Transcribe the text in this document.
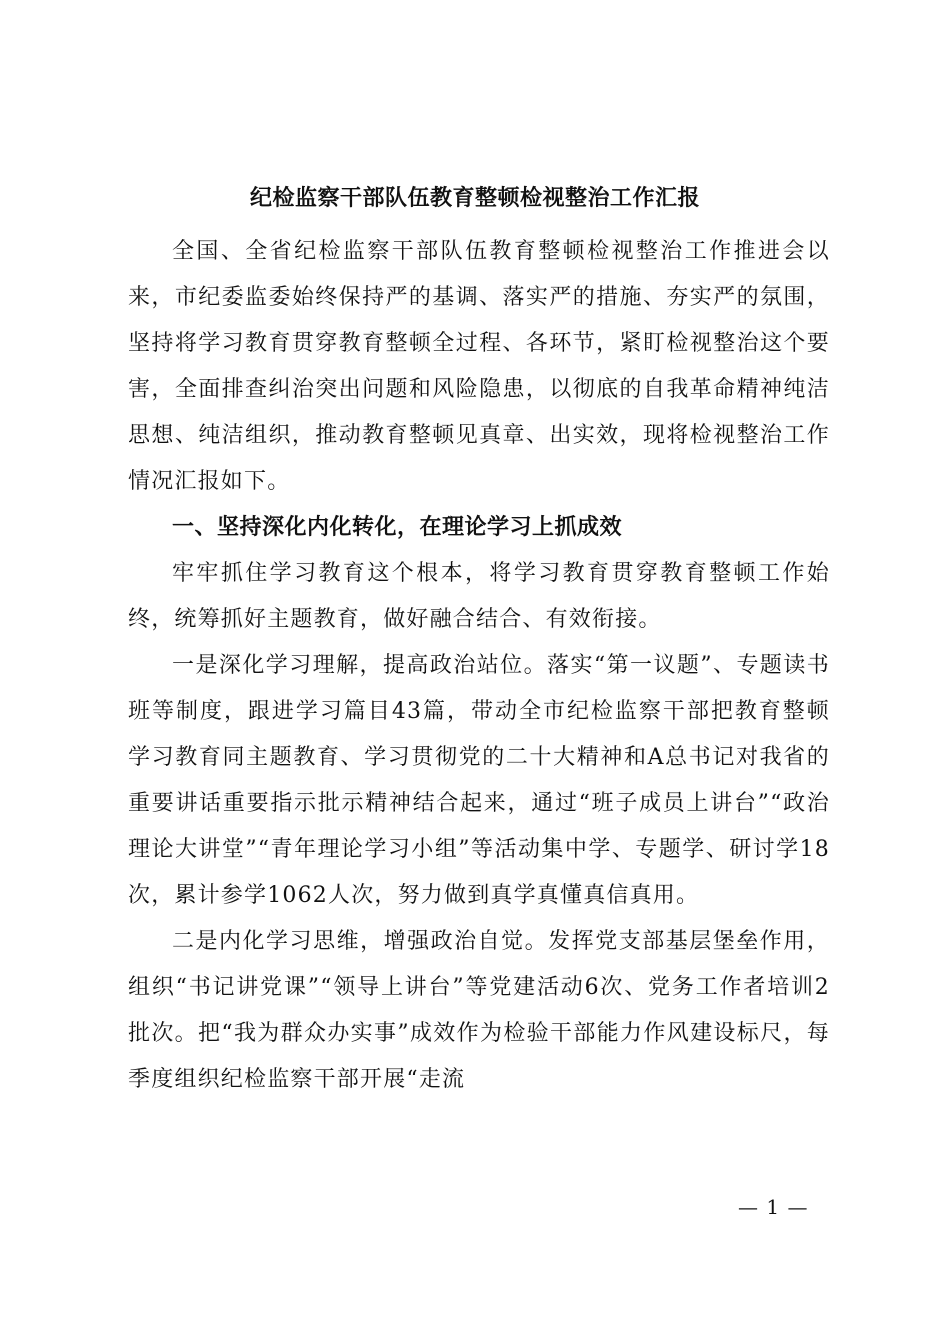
纪检监察干部队伍教育整顿检视整治工作汇报

全国、全省纪检监察干部队伍教育整顿检视整治工作推进会以来，市纪委监委始终保持严的基调、落实严的措施、夯实严的氛围，坚持将学习教育贯穿教育整顿全过程、各环节，紧盯检视整治这个要害，全面排查纠治突出问题和风险隐患，以彻底的自我革命精神纯洁思想、纯洁组织，推动教育整顿见真章、出实效，现将检视整治工作情况汇报如下。

一、坚持深化内化转化，在理论学习上抓成效

牢牢抓住学习教育这个根本，将学习教育贯穿教育整顿工作始终，统筹抓好主题教育，做好融合结合、有效衔接。

一是深化学习理解，提高政治站位。落实“第一议题”、专题读书班等制度，跟进学习篇目43篇，带动全市纪检监察干部把教育整顿学习教育同主题教育、学习贯彻党的二十大精神和A总书记对我省的重要讲话重要指示批示精神结合起来，通过“班子成员上讲台”“政治理论大讲堂”“青年理论学习小组”等活动集中学、专题学、研讨学18次，累计参学1062人次，努力做到真学真懂真信真用。

二是内化学习思维，增强政治自觉。发挥党支部基层堡垒作用，组织“书记讲党课”“领导上讲台”等党建活动6次、党务工作者培训2批次。把“我为群众办实事”成效作为检验干部能力作风建设标尺，每季度组织纪检监察干部开展“走流

— 1 —
